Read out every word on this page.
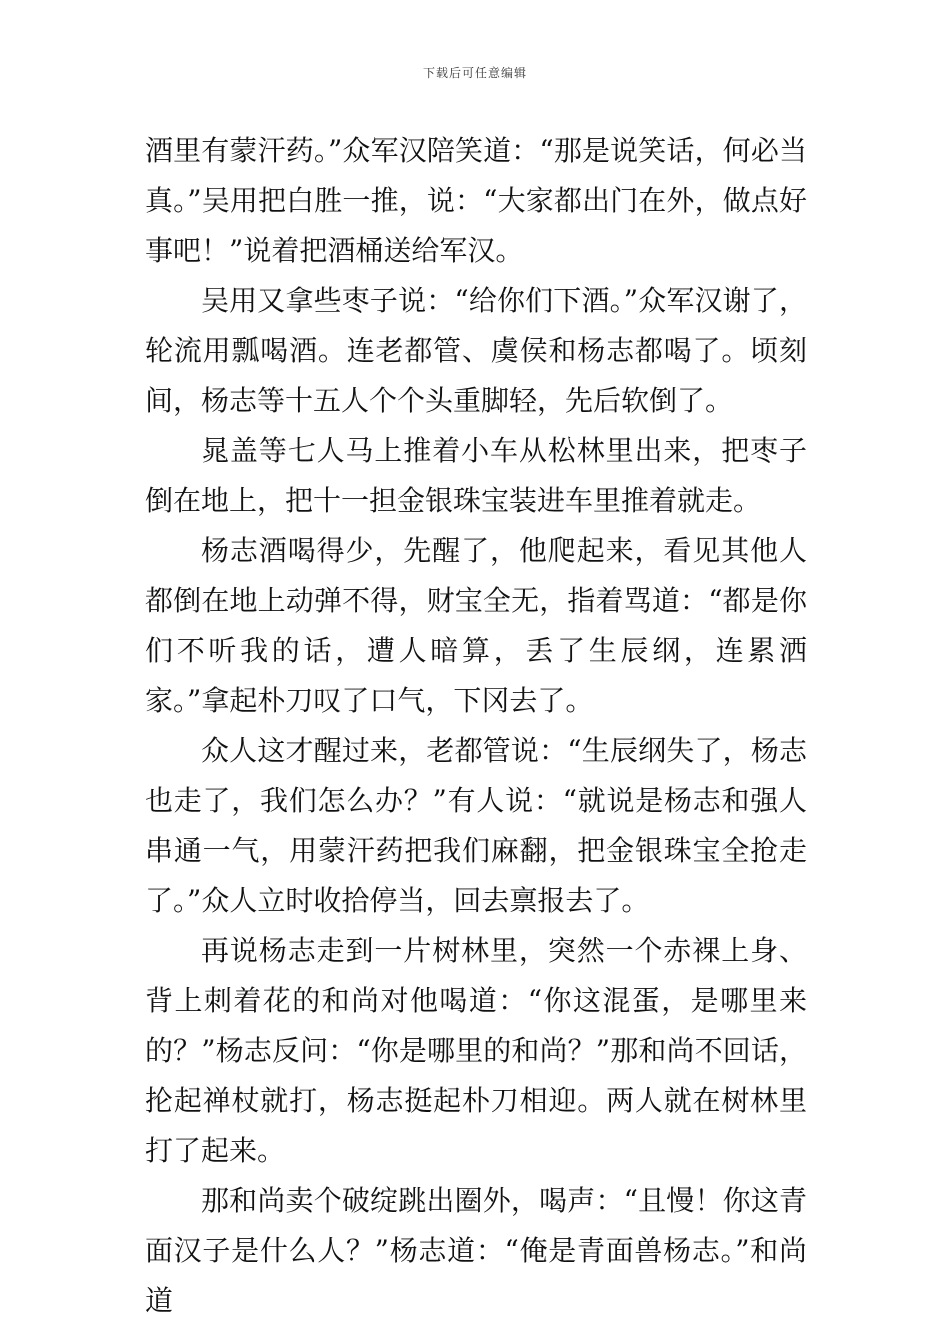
下载后可任意编辑

酒里有蒙汗药。”众军汉陪笑道：“那是说笑话，何必当真。”吴用把白胜一推，说：“大家都出门在外，做点好事吧！”说着把酒桶送给军汉。

吴用又拿些枣子说：“给你们下酒。”众军汉谢了，轮流用瓢喝酒。连老都管、虞侯和杨志都喝了。顷刻间，杨志等十五人个个头重脚轻，先后软倒了。

晁盖等七人马上推着小车从松林里出来，把枣子倒在地上，把十一担金银珠宝装进车里推着就走。

杨志酒喝得少，先醒了，他爬起来，看见其他人都倒在地上动弹不得，财宝全无，指着骂道：“都是你们不听我的话，遭人暗算，丢了生辰纲，连累洒家。”拿起朴刀叹了口气，下冈去了。

众人这才醒过来，老都管说：“生辰纲失了，杨志也走了，我们怎么办？”有人说：“就说是杨志和强人串通一气，用蒙汗药把我们麻翻，把金银珠宝全抢走了。”众人立时收拾停当，回去禀报去了。

再说杨志走到一片树林里，突然一个赤裸上身、背上刺着花的和尚对他喝道：“你这混蛋，是哪里来的？”杨志反问：“你是哪里的和尚？”那和尚不回话，抡起禅杖就打，杨志挺起朴刀相迎。两人就在树林里打了起来。

那和尚卖个破绽跳出圈外，喝声：“且慢！你这青面汉子是什么人？”杨志道：“俺是青面兽杨志。”和尚道
